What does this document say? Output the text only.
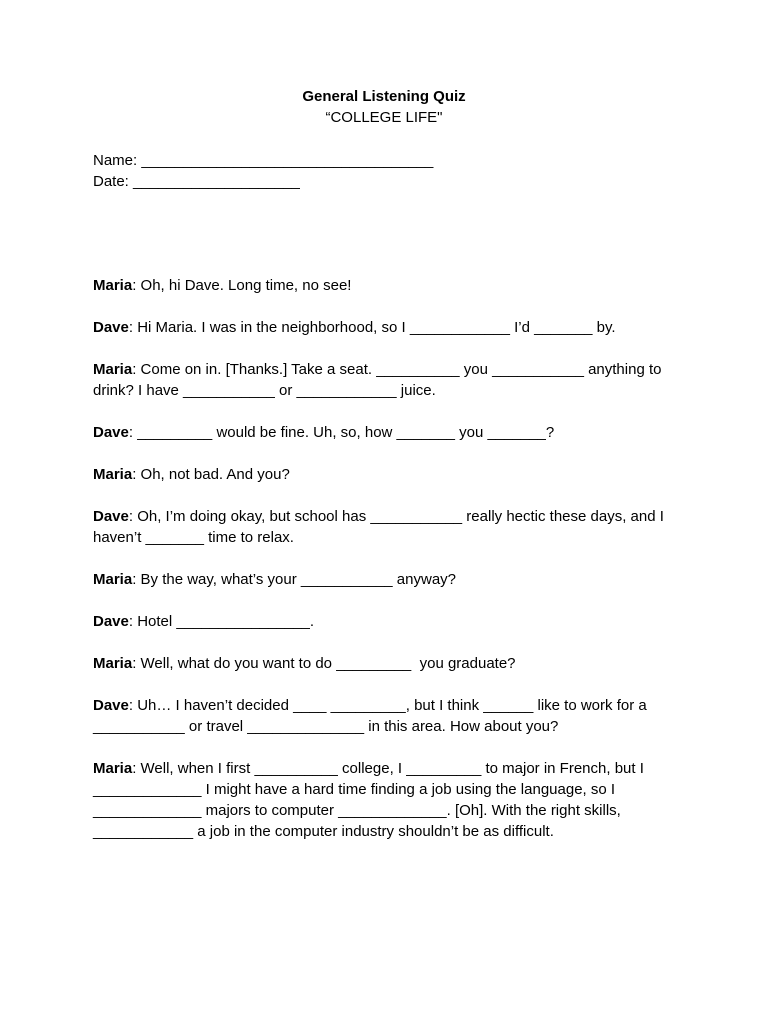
General Listening Quiz
“COLLEGE LIFE"
Name: ___________________________________
Date: ____________________

Maria: Oh, hi Dave. Long time, no see!

Dave: Hi Maria. I was in the neighborhood, so I ____________ I’d _______ by.

Maria: Come on in. [Thanks.] Take a seat. __________ you ___________ anything to drink? I have ___________ or ____________ juice.

Dave: _________ would be fine. Uh, so, how _______ you _______?

Maria: Oh, not bad. And you?

Dave: Oh, I’m doing okay, but school has ___________ really hectic these days, and I haven’t _______ time to relax.

Maria: By the way, what’s your ___________ anyway?

Dave: Hotel ________________.

Maria: Well, what do you want to do _________  you graduate?

Dave: Uh… I haven’t decided ____ _________, but I think ______ like to work for a ___________ or travel ______________ in this area. How about you?

Maria: Well, when I first __________ college, I _________ to major in French, but I _____________ I might have a hard time finding a job using the language, so I _____________ majors to computer _____________. [Oh]. With the right skills, ____________ a job in the computer industry shouldn’t be as difficult.
